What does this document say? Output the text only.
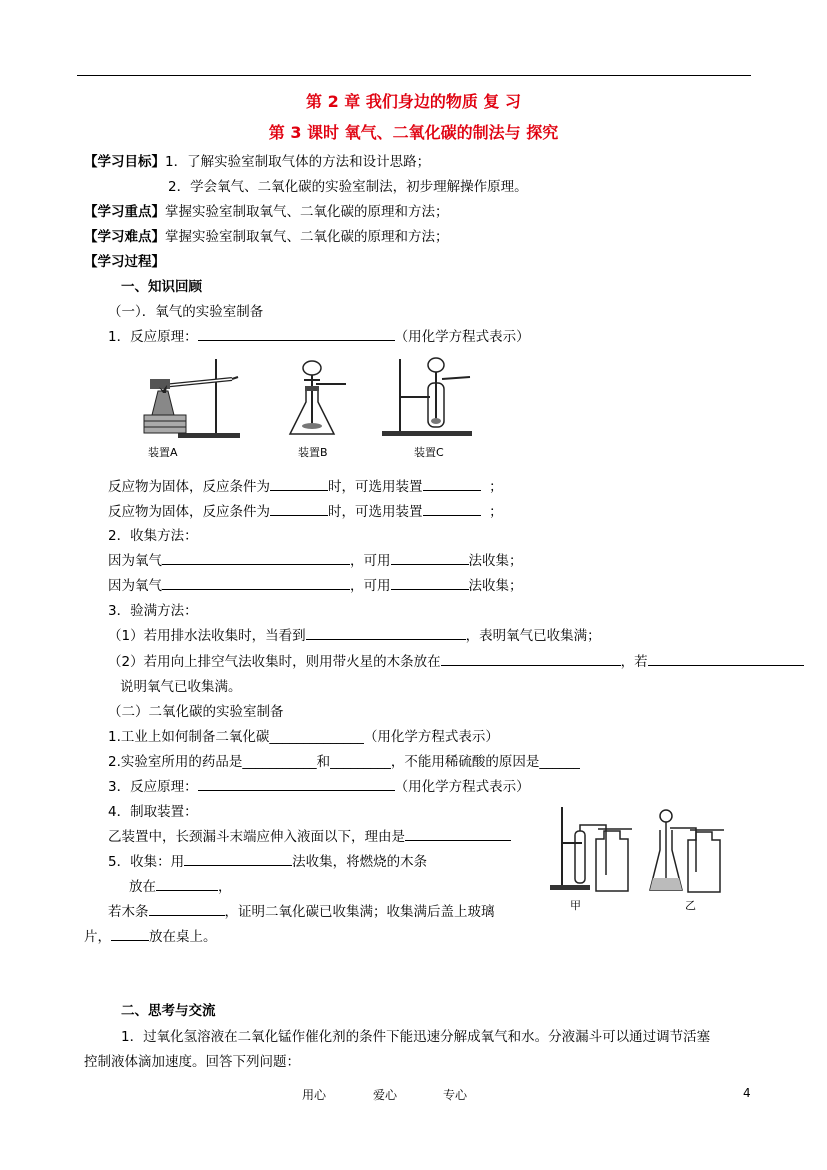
第 2 章 我们身边的物质 复 习
第 3 课时 氧气、二氧化碳的制法与 探究
【学习目标】1．了解实验室制取气体的方法和设计思路；
2．学会氧气、二氧化碳的实验室制法，初步理解操作原理。
【学习重点】掌握实验室制取氧气、二氧化碳的原理和方法；
【学习难点】掌握实验室制取氧气、二氧化碳的原理和方法；
【学习过程】
一、知识回顾
（一）．氧气的实验室制备
1．反应原理：	（用化学方程式表示）
装置A	装置B	装置C
反应物为固体，反应条件为	时，可选用装置	；
反应物为固体，反应条件为	时，可选用装置	；
2．收集方法：
因为氧气	，可用	法收集；
因为氧气	，可用	法收集；
3．验满方法：
（1）若用排水法收集时，当看到	，表明氧气已收集满；
（2）若用向上排空气法收集时，则用带火星的木条放在	，若
说明氧气已收集满。
（二）二氧化碳的实验室制备
1.工业上如何制备二氧化碳______________（用化学方程式表示）
2.实验室所用的药品是___________和_________，不能用稀硫酸的原因是______
3．反应原理：	（用化学方程式表示）
4．制取装置：
乙装置中，长颈漏斗末端应伸入液面以下，理由是
5．收集：用	法收集，将燃烧的木条
放在	，
若木条	，证明二氧化碳已收集满；收集满后盖上玻璃
片，	放在桌上。
甲	乙
二、思考与交流
1．过氧化氢溶液在二氧化锰作催化剂的条件下能迅速分解成氧气和水。分液漏斗可以通过调节活塞
控制液体滴加速度。回答下列问题：
用心	爱心	专心	4
